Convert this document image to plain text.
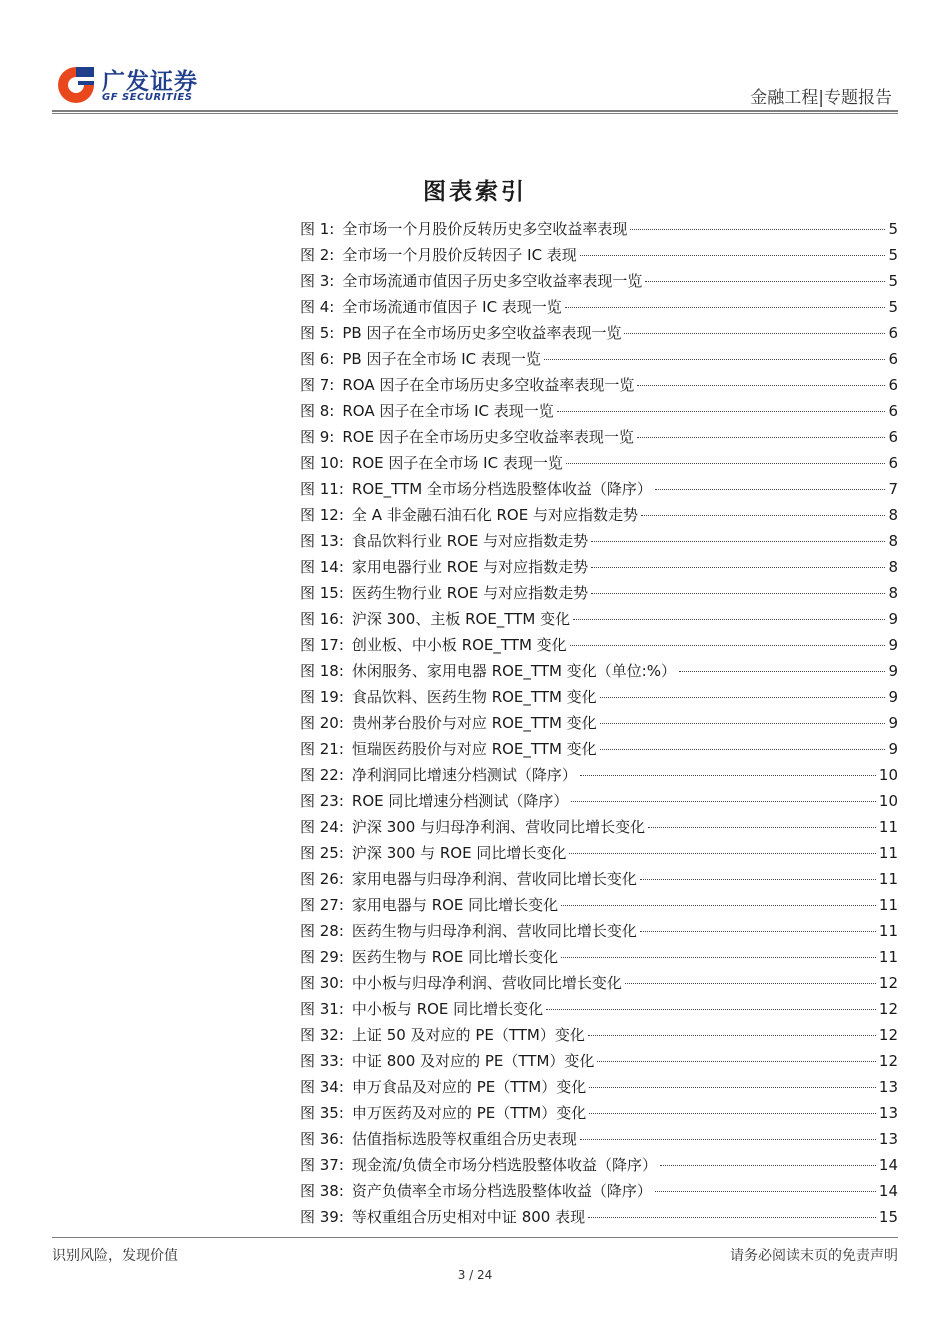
广发证券
GF SECURITIES	金融工程|专题报告
图表索引
图 1: 全市场一个月股价反转历史多空收益率表现	5
图 2: 全市场一个月股价反转因子 IC 表现	5
图 3: 全市场流通市值因子历史多空收益率表现一览	5
图 4: 全市场流通市值因子 IC 表现一览	5
图 5: PB 因子在全市场历史多空收益率表现一览	6
图 6: PB 因子在全市场 IC 表现一览	6
图 7: ROA 因子在全市场历史多空收益率表现一览	6
图 8: ROA 因子在全市场 IC 表现一览	6
图 9: ROE 因子在全市场历史多空收益率表现一览	6
图 10: ROE 因子在全市场 IC 表现一览	6
图 11: ROE_TTM 全市场分档选股整体收益（降序）	7
图 12: 全 A 非金融石油石化 ROE 与对应指数走势	8
图 13: 食品饮料行业 ROE 与对应指数走势	8
图 14: 家用电器行业 ROE 与对应指数走势	8
图 15: 医药生物行业 ROE 与对应指数走势	8
图 16: 沪深 300、主板 ROE_TTM 变化	9
图 17: 创业板、中小板 ROE_TTM 变化	9
图 18: 休闲服务、家用电器 ROE_TTM 变化（单位:%）	9
图 19: 食品饮料、医药生物 ROE_TTM 变化	9
图 20: 贵州茅台股价与对应 ROE_TTM 变化	9
图 21: 恒瑞医药股价与对应 ROE_TTM 变化	9
图 22: 净利润同比增速分档测试（降序）	10
图 23: ROE 同比增速分档测试（降序）	10
图 24: 沪深 300 与归母净利润、营收同比增长变化	11
图 25: 沪深 300 与 ROE 同比增长变化	11
图 26: 家用电器与归母净利润、营收同比增长变化	11
图 27: 家用电器与 ROE 同比增长变化	11
图 28: 医药生物与归母净利润、营收同比增长变化	11
图 29: 医药生物与 ROE 同比增长变化	11
图 30: 中小板与归母净利润、营收同比增长变化	12
图 31: 中小板与 ROE 同比增长变化	12
图 32: 上证 50 及对应的 PE（TTM）变化	12
图 33: 中证 800 及对应的 PE（TTM）变化	12
图 34: 申万食品及对应的 PE（TTM）变化	13
图 35: 申万医药及对应的 PE（TTM）变化	13
图 36: 估值指标选股等权重组合历史表现	13
图 37: 现金流/负债全市场分档选股整体收益（降序）	14
图 38: 资产负债率全市场分档选股整体收益（降序）	14
图 39: 等权重组合历史相对中证 800 表现	15
识别风险，发现价值	请务必阅读末页的免责声明
3 / 24
